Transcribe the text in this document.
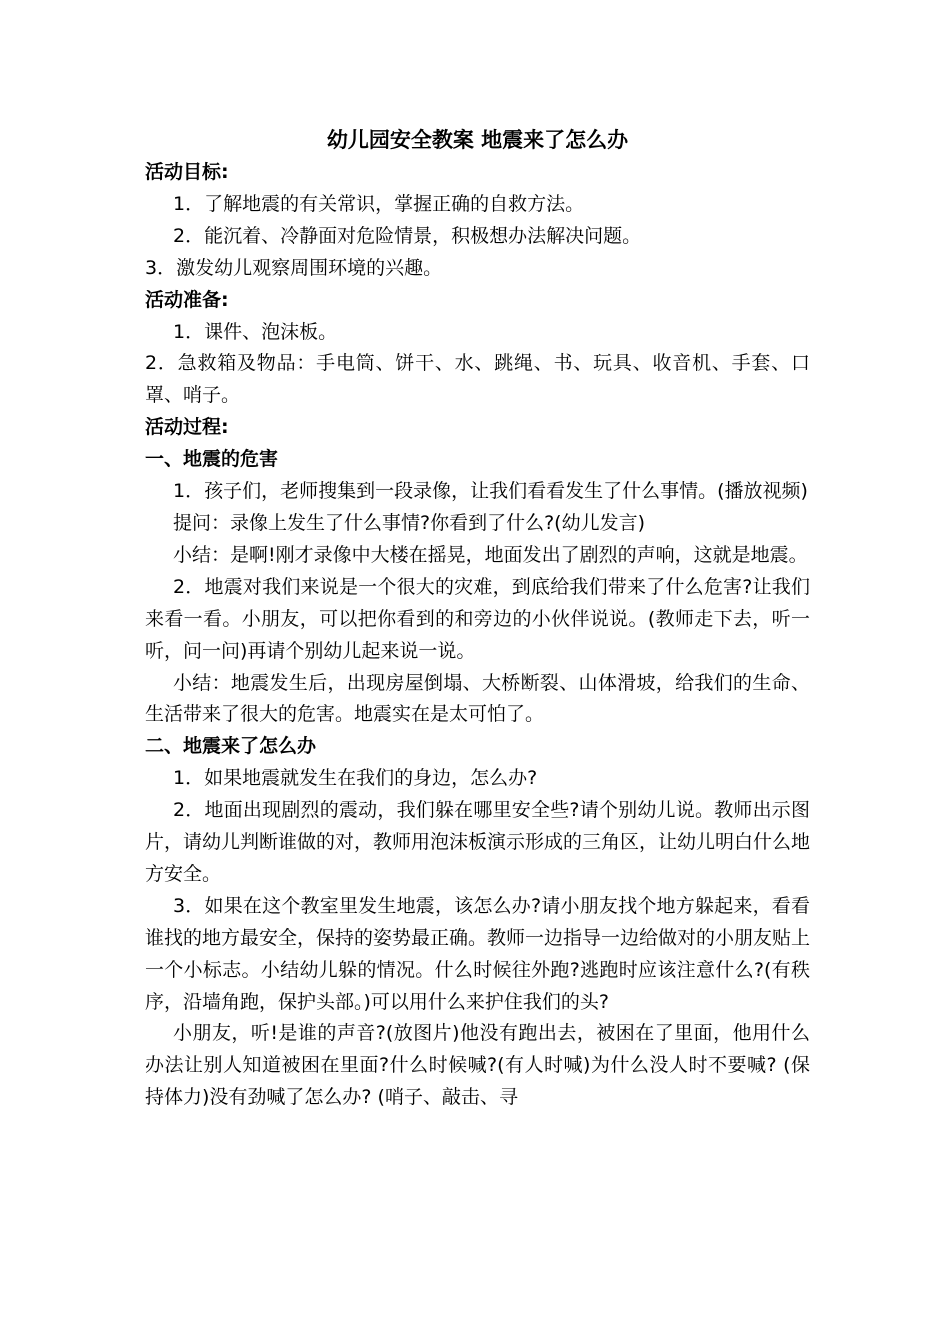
幼儿园安全教案 地震来了怎么办

活动目标:

1．了解地震的有关常识，掌握正确的自救方法。

2．能沉着、冷静面对危险情景，积极想办法解决问题。

3．激发幼儿观察周围环境的兴趣。

活动准备:

1．课件、泡沫板。

2．急救箱及物品：手电筒、饼干、水、跳绳、书、玩具、收音机、手套、口罩、哨子。

活动过程:

一、地震的危害

1．孩子们，老师搜集到一段录像，让我们看看发生了什么事情。(播放视频)

提问：录像上发生了什么事情?你看到了什么?(幼儿发言)

小结：是啊!刚才录像中大楼在摇晃，地面发出了剧烈的声响，这就是地震。

2．地震对我们来说是一个很大的灾难，到底给我们带来了什么危害?让我们来看一看。小朋友，可以把你看到的和旁边的小伙伴说说。(教师走下去，听一听，问一问)再请个别幼儿起来说一说。

小结：地震发生后，出现房屋倒塌、大桥断裂、山体滑坡，给我们的生命、生活带来了很大的危害。地震实在是太可怕了。

二、地震来了怎么办

1．如果地震就发生在我们的身边，怎么办?

2．地面出现剧烈的震动，我们躲在哪里安全些?请个别幼儿说。教师出示图片，请幼儿判断谁做的对，教师用泡沫板演示形成的三角区，让幼儿明白什么地方安全。

3．如果在这个教室里发生地震，该怎么办?请小朋友找个地方躲起来，看看谁找的地方最安全，保持的姿势最正确。教师一边指导一边给做对的小朋友贴上一个小标志。小结幼儿躲的情况。什么时候往外跑?逃跑时应该注意什么?(有秩序，沿墙角跑，保护头部。)可以用什么来护住我们的头?

小朋友，听!是谁的声音?(放图片)他没有跑出去，被困在了里面，他用什么办法让别人知道被困在里面?什么时候喊?(有人时喊)为什么没人时不要喊? (保持体力)没有劲喊了怎么办? (哨子、敲击、寻
